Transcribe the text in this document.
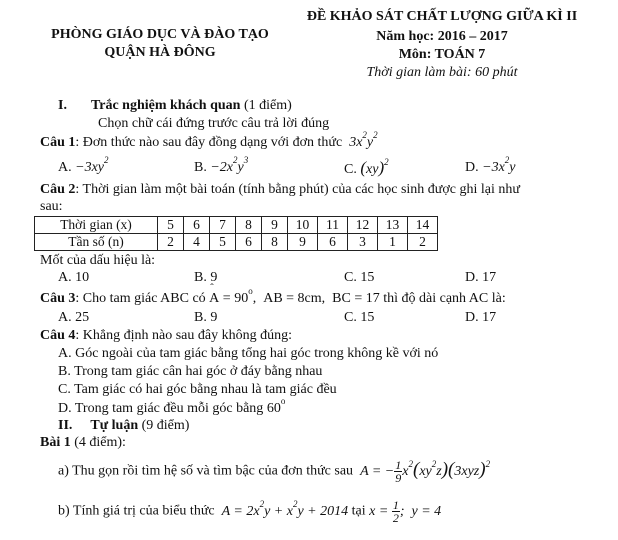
PHÒNG GIÁO DỤC VÀ ĐÀO TẠO
QUẬN HÀ ĐÔNG
ĐỀ KHẢO SÁT CHẤT LƯỢNG GIỮA KÌ II
Năm học: 2016 – 2017
Môn: TOÁN 7
Thời gian làm bài: 60 phút
I. Trắc nghiệm khách quan (1 điểm)
Chọn chữ cái đứng trước câu trả lời đúng
Câu 1: Đơn thức nào sau đây đồng dạng với đơn thức  $3x^2y^2$
A. $-3xy^2$	B. $-2x^2y^3$
C. (xy)$^2$	D. $-3x^2y$
Câu 2: Thời gian làm một bài toán (tính bằng phút) của các học sinh được ghi lại như
sau:
Thời gian (x)	5	6	7	8	9	10	11	12	13	14
Tần số (n)	2	4	5	6	8	9	6	3	1	2
Mốt của dấu hiệu là:
A. 10	B. 9	C. 15	D. 17
Câu 3: Cho tam giác ABC có A
ˆ
= $90^o$,  AB = 8cm,  BC = 17 thì độ dài cạnh AC là:
A. 25	B. 9	C. 15	D. 17
Câu 4: Khẳng định nào sau đây không đúng:
A. Góc ngoài của tam giác bằng tổng hai góc trong không kề với nó
B. Trong tam giác cân hai góc ở đáy bằng nhau
C. Tam giác có hai góc bằng nhau là tam giác đều
D. Trong tam giác đều mỗi góc bằng 60$^o$
II. Tự luận (9 điểm)
Bài 1 (4 điểm):
a) Thu gọn rồi tìm hệ số và tìm bậc của đơn thức sau  A = − $\frac{1}{9} x^2(xy^2z)(3xyz)^2$
b) Tính giá trị của biểu thức  $A = 2x^2y + x^2y + 2014$ tại $x = \frac{1}{2}$ ;  y = 4
